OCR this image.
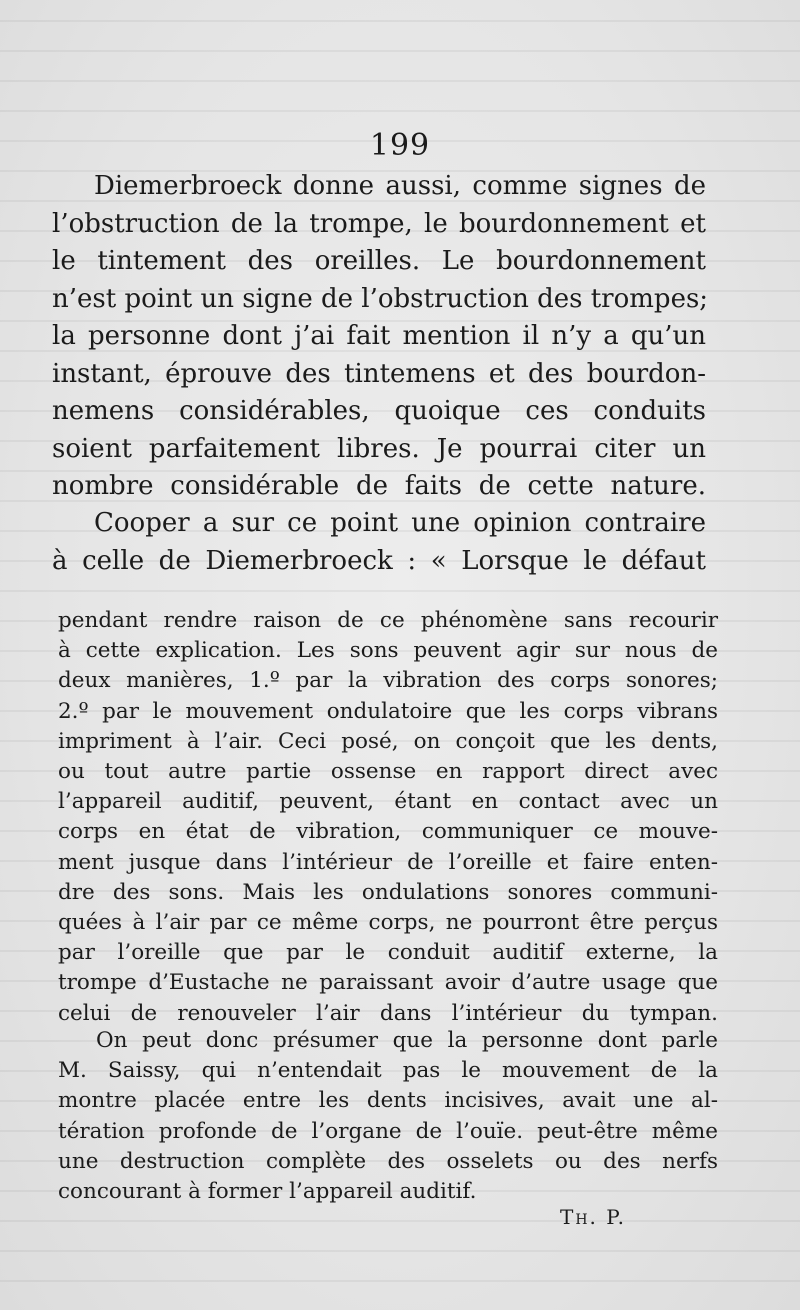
199
Diemerbroeck donne aussi, comme signes de
l’obstruction de la trompe, le bourdonnement et
le tintement des oreilles. Le bourdonnement
n’est point un signe de l’obstruction des trompes;
la personne dont j’ai fait mention il n’y a qu’un
instant, éprouve des tintemens et des bourdon-
nemens considérables, quoique ces conduits
soient parfaitement libres. Je pourrai citer un
nombre considérable de faits de cette nature.
Cooper a sur ce point une opinion contraire
à celle de Diemerbroeck : « Lorsque le défaut
pendant rendre raison de ce phénomène sans recourir
à cette explication. Les sons peuvent agir sur nous de
deux manières, 1.º par la vibration des corps sonores;
2.º par le mouvement ondulatoire que les corps vibrans
impriment à l’air. Ceci posé, on conçoit que les dents,
ou tout autre partie ossense en rapport direct avec
l’appareil auditif, peuvent, étant en contact avec un
corps en état de vibration, communiquer ce mouve-
ment jusque dans l’intérieur de l’oreille et faire enten-
dre des sons. Mais les ondulations sonores communi-
quées à l’air par ce même corps, ne pourront être perçus
par l’oreille que par le conduit auditif externe, la
trompe d’Eustache ne paraissant avoir d’autre usage que
celui de renouveler l’air dans l’intérieur du tympan.
On peut donc présumer que la personne dont parle
M. Saissy, qui n’entendait pas le mouvement de la
montre placée entre les dents incisives, avait une al-
tération profonde de l’organe de l’ouïe. peut-être même
une destruction complète des osselets ou des nerfs
concourant à former l’appareil auditif.
Th. P.
